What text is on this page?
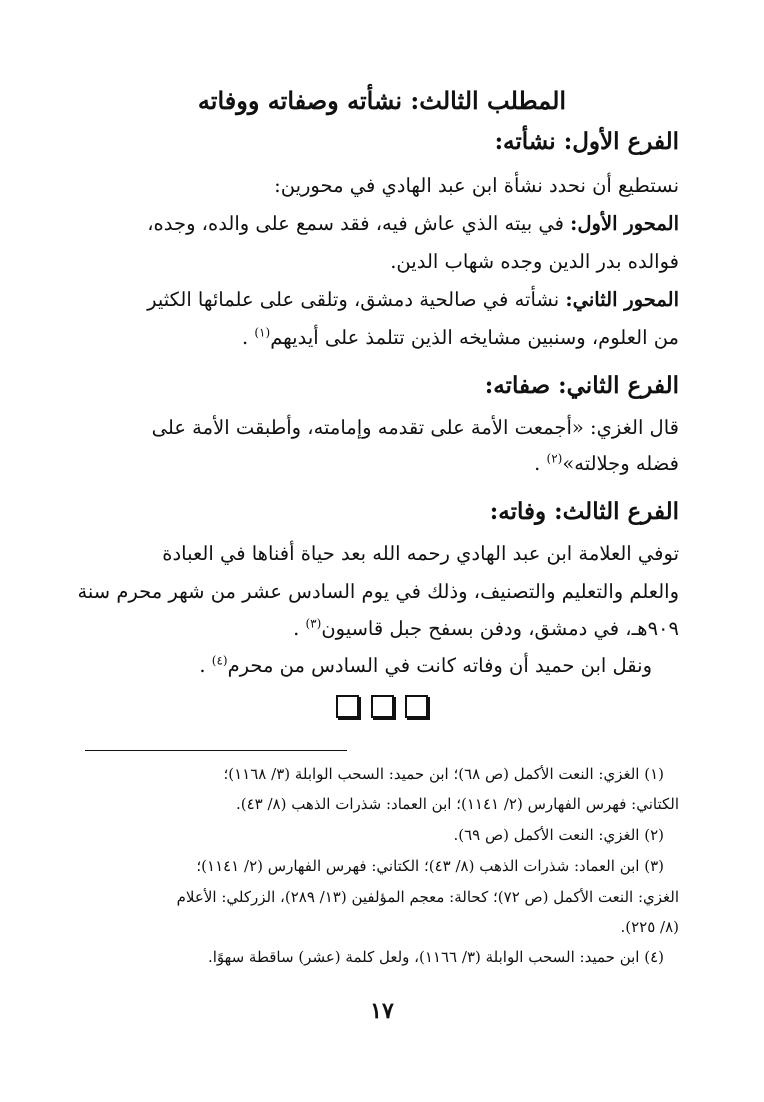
المطلب الثالث: نشأته وصفاته ووفاته
الفرع الأول: نشأته:
نستطيع أن نحدد نشأة ابن عبد الهادي في محورين:
المحور الأول: في بيته الذي عاش فيه، فقد سمع على والده، وجده،
فوالده بدر الدين وجده شهاب الدين.
المحور الثاني: نشأته في صالحية دمشق، وتلقى على علمائها الكثير
من العلوم، وسنبين مشايخه الذين تتلمذ على أيديهم$^{(١)}$ .
الفرع الثاني: صفاته:
قال الغزي: «أجمعت الأمة على تقدمه وإمامته، وأطبقت الأمة على
فضله وجلالته»$^{(٢)}$ .
الفرع الثالث: وفاته:
توفي العلامة ابن عبد الهادي رحمه الله بعد حياة أفناها في العبادة
والعلم والتعليم والتصنيف، وذلك في يوم السادس عشر من شهر محرم سنة
٩٠٩هـ، في دمشق، ودفن بسفح جبل قاسيون$^{(٣)}$ .
ونقل ابن حميد أن وفاته كانت في السادس من محرم$^{(٤)}$ .

(١) الغزي: النعت الأكمل (ص ٦٨)؛ ابن حميد: السحب الوابلة (٣/ ١١٦٨)؛
الكتاني: فهرس الفهارس (٢/ ١١٤١)؛ ابن العماد: شذرات الذهب (٨/ ٤٣).
(٢) الغزي: النعت الأكمل (ص ٦٩).
(٣) ابن العماد: شذرات الذهب (٨/ ٤٣)؛ الكتاني: فهرس الفهارس (٢/ ١١٤١)؛
الغزي: النعت الأكمل (ص ٧٢)؛ كحالة: معجم المؤلفين (١٣/ ٢٨٩)، الزركلي: الأعلام
(٨/ ٢٢٥).
(٤) ابن حميد: السحب الوابلة (٣/ ١١٦٦)، ولعل كلمة (عشر) ساقطة سهوًا.
١٧
